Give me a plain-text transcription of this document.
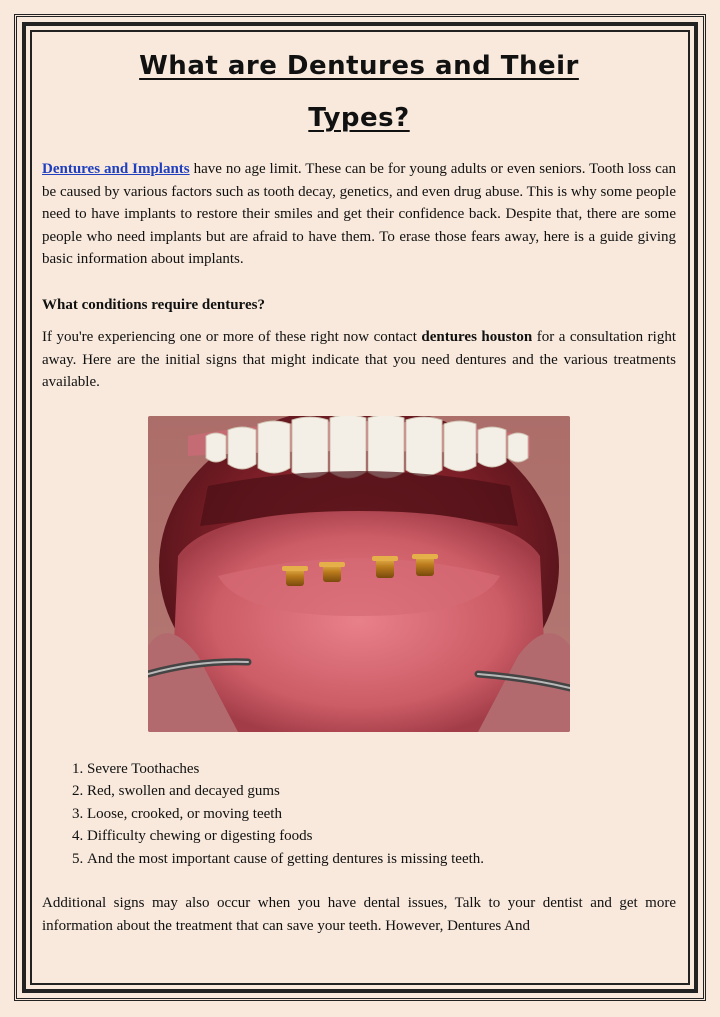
What are Dentures and Their
Types?

Dentures and Implants have no age limit. These can be for young adults or even seniors. Tooth loss can be caused by various factors such as tooth decay, genetics, and even drug abuse. This is why some people need to have implants to restore their smiles and get their confidence back. Despite that, there are some people who need implants but are afraid to have them. To erase those fears away, here is a guide giving basic information about implants.

What conditions require dentures?

If you're experiencing one or more of these right now contact dentures houston for a consultation right away. Here are the initial signs that might indicate that you need dentures and the various treatments available.

1. Severe Toothaches
2. Red, swollen and decayed gums
3. Loose, crooked, or moving teeth
4. Difficulty chewing or digesting foods
5. And the most important cause of getting dentures is missing teeth.

Additional signs may also occur when you have dental issues, Talk to your dentist and get more information about the treatment that can save your teeth. However, Dentures And
